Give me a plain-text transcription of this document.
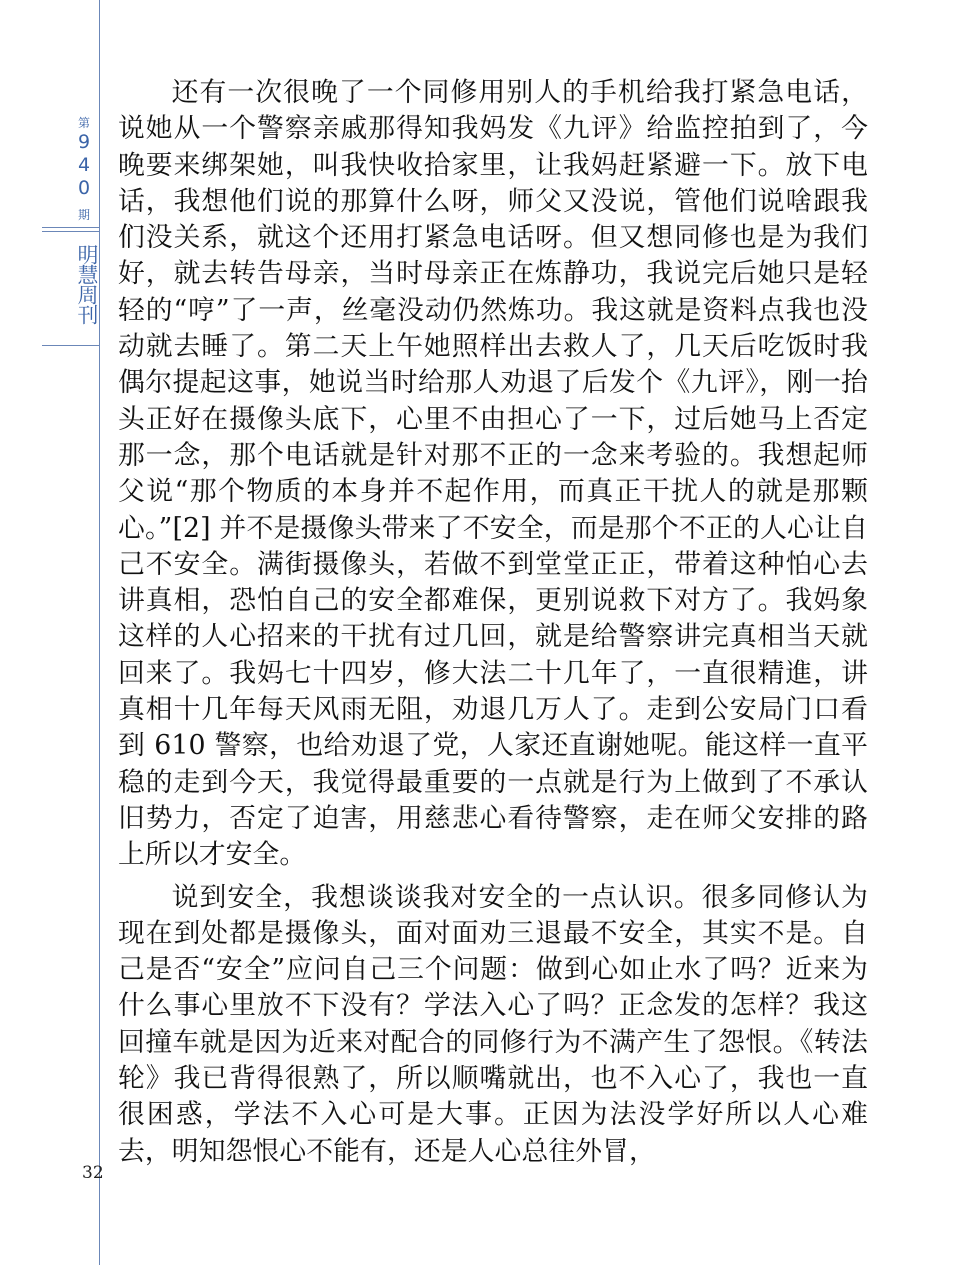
第
9
4
0
期
明慧周刊
32

还有一次很晚了一个同修用别人的手机给我打紧急电话，说她从一个警察亲戚那得知我妈发《九评》给监控拍到了，今晚要来绑架她，叫我快收拾家里，让我妈赶紧避一下。放下电话，我想他们说的那算什么呀，师父又没说，管他们说啥跟我们没关系，就这个还用打紧急电话呀。但又想同修也是为我们好，就去转告母亲，当时母亲正在炼静功，我说完后她只是轻轻的“哼”了一声，丝毫没动仍然炼功。我这就是资料点我也没动就去睡了。第二天上午她照样出去救人了，几天后吃饭时我偶尔提起这事，她说当时给那人劝退了后发个《九评》，刚一抬头正好在摄像头底下，心里不由担心了一下，过后她马上否定那一念，那个电话就是针对那不正的一念来考验的。我想起师父说“那个物质的本身并不起作用，而真正干扰人的就是那颗心。”[2] 并不是摄像头带来了不安全，而是那个不正的人心让自己不安全。满街摄像头，若做不到堂堂正正，带着这种怕心去讲真相，恐怕自己的安全都难保，更别说救下对方了。我妈象这样的人心招来的干扰有过几回，就是给警察讲完真相当天就回来了。我妈七十四岁，修大法二十几年了，一直很精進，讲真相十几年每天风雨无阻，劝退几万人了。走到公安局门口看到 610 警察，也给劝退了党，人家还直谢她呢。能这样一直平稳的走到今天，我觉得最重要的一点就是行为上做到了不承认旧势力，否定了迫害，用慈悲心看待警察，走在师父安排的路上所以才安全。

说到安全，我想谈谈我对安全的一点认识。很多同修认为现在到处都是摄像头，面对面劝三退最不安全，其实不是。自己是否“安全”应问自己三个问题：做到心如止水了吗？近来为什么事心里放不下没有？学法入心了吗？正念发的怎样？我这回撞车就是因为近来对配合的同修行为不满产生了怨恨。《转法轮》我已背得很熟了，所以顺嘴就出，也不入心了，我也一直很困惑，学法不入心可是大事。正因为法没学好所以人心难去，明知怨恨心不能有，还是人心总往外冒，
